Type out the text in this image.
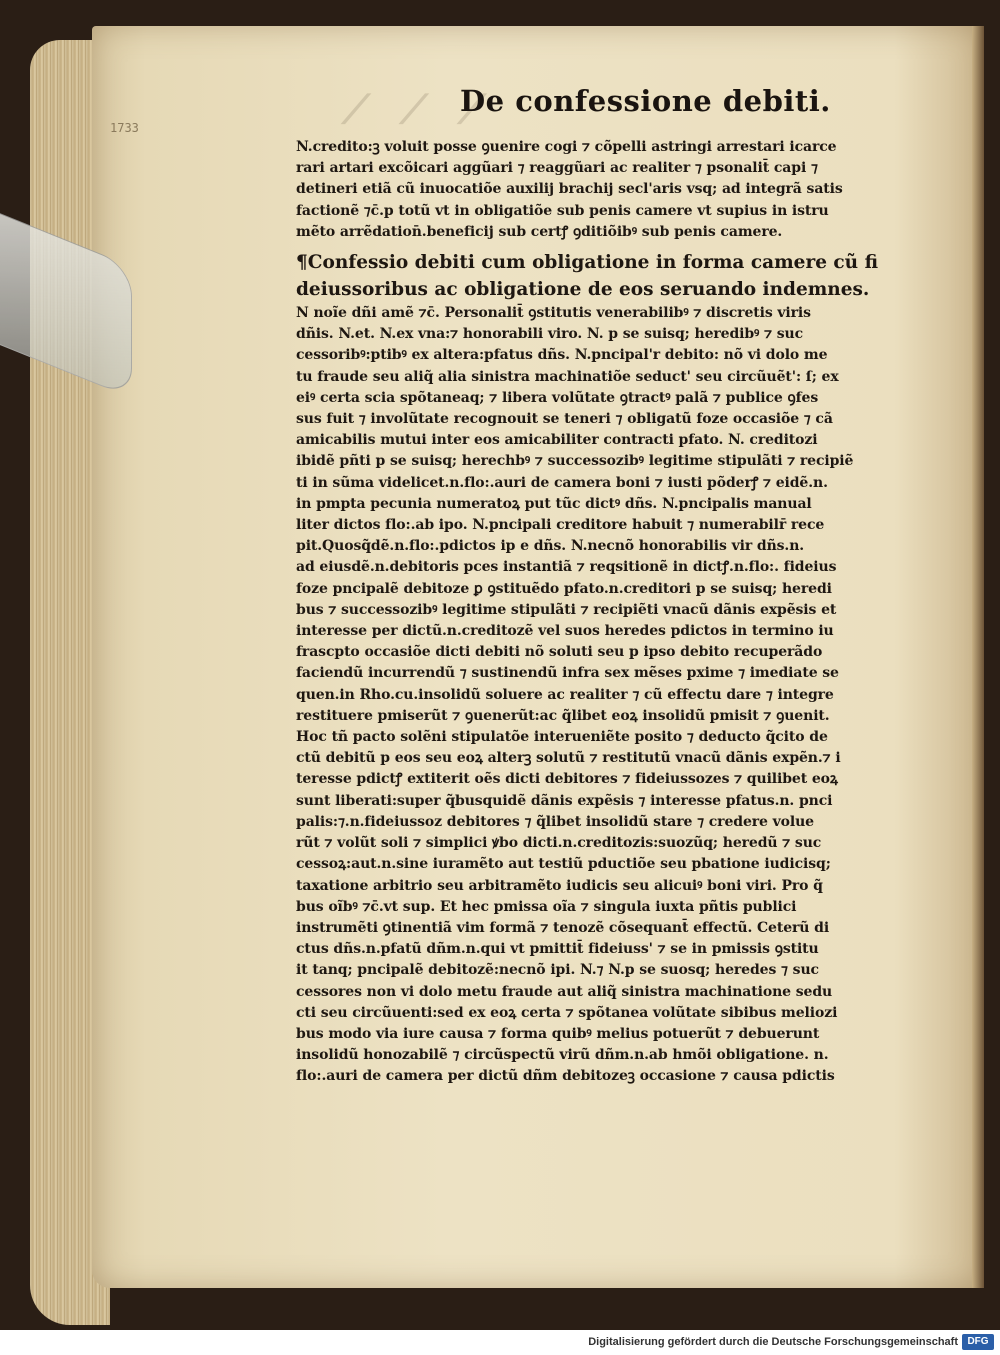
1733	⟋ ⟋ ⟋
De confessione debiti.
N.credito:ꝫ voluit posse ꝯuenire cogi ⁊ cõpelli astringi arrestari icarce
rari artari excõicari aggũari ⁊ reaggũari ac realiter ⁊ psonalit̄ capi ⁊
detineri etiã cũ inuocatiõe auxilij brachij secl'aris vsq; ad integrã satis
factionẽ ⁊c̄.p totũ vt in obligatiõe sub penis camere vt supius in istru
mẽto arrẽdation̄.beneficij sub certꝭ ꝯditiõibꝰ sub penis camere.
¶Confessio debiti cum obligatione in forma camere cũ fi
deiussoribus ac obligatione de eos seruando indemnes.
N noĩe dñi amẽ ⁊c̄. Personalit̄ ꝯstitutis venerabilibꝰ ⁊ discretis viris
dñis. N.et. N.ex vna:⁊ honorabili viro. N. p se suisq; heredibꝰ ⁊ suc
cessoribꝰ:ptibꝰ ex altera:pfatus dñs. N.pncipal'r debito: nõ vi dolo me
tu fraude seu aliq̃ alia sinistra machinatiõe seduct' seu circũuẽt': ſ; ex
eiꝰ certa scia spõtaneaq; ⁊ libera volũtate ꝯtractꝰ palã ⁊ publice ꝯfes
sus fuit ⁊ involũtate recognouit se teneri ⁊ obligatũ foze occasiõe ⁊ cã
amicabilis mutui inter eos amicabiliter contracti pfato. N. creditozi
ibidẽ pñti p se suisq; herechbꝰ ⁊ successozibꝰ legitime stipulãti ⁊ recipiẽ
ti in sũma videlicet.n.flo:.auri de camera boni ⁊ iusti põderꝭ ⁊ eidẽ.n.
in pmpta pecunia numeratoꝝ put tũc dictꝰ dñs. N.pncipalis manual
liter dictos flo:.ab ipo. N.pncipali creditore habuit ⁊ numerabilr̄ rece
pit.Quosq̃dẽ.n.flo:.pdictos ip e dñs. N.necnõ honorabilis vir dñs.n.
ad eiusdẽ.n.debitoris pces instantiã ⁊ reqsitionẽ in dictꝭ.n.flo:. fideius
foze pncipalẽ debitoze ꝑ ꝯstituẽdo pfato.n.creditori p se suisq; heredi
bus ⁊ successozibꝰ legitime stipulãti ⁊ recipiẽti vnacũ dãnis expẽsis et
interesse per dictũ.n.creditozẽ vel suos heredes pdictos in termino iu
frascpto occasiõe dicti debiti nõ soluti seu p ipso debito recuperãdo
faciendũ incurrendũ ⁊ sustinendũ infra sex mẽses pxime ⁊ imediate se
quen.in Rho.cu.insolidũ soluere ac realiter ⁊ cũ effectu dare ⁊ integre
restituere pmiserũt ⁊ ꝯuenerũt:ac q̃libet eoꝝ insolidũ pmisit ⁊ ꝯuenit.
Hoc tñ pacto solẽni stipulatõe interueniẽte posito ⁊ deducto q̃cito de
ctũ debitũ p eos seu eoꝝ alterꝫ solutũ ⁊ restitutũ vnacũ dãnis expẽn.⁊ i
teresse pdictꝭ extiterit oẽs dicti debitores ⁊ fideiussozes ⁊ quilibet eoꝝ
sunt liberati:super q̃busquidẽ dãnis expẽsis ⁊ interesse pfatus.n. pnci
palis:⁊.n.fideiussoz debitores ⁊ q̃libet insolidũ stare ⁊ credere volue
rũt ⁊ volũt soli ⁊ simplici ꝟbo dicti.n.creditozis:suozũq; heredũ ⁊ suc
cessoꝝ:aut.n.sine iuramẽto aut testiũ pductiõe seu pbatione iudicisq;
taxatione arbitrio seu arbitramẽto iudicis seu alicuiꝰ boni viri. Pro q̃
bus oĩbꝰ ⁊c̄.vt sup. Et hec pmissa oĩa ⁊ singula iuxta pñtis publici
instrumẽti ꝯtinentiã vim formã ⁊ tenozẽ cõsequant̄ effectũ. Ceterũ di
ctus dñs.n.pfatũ dñm.n.qui vt pmittit̄ fideiuss' ⁊ se in pmissis ꝯstitu
it tanq; pncipalẽ debitozẽ:necnõ ipi. N.⁊ N.p se suosq; heredes ⁊ suc
cessores non vi dolo metu fraude aut aliq̃ sinistra machinatione sedu
cti seu circũuenti:sed ex eoꝝ certa ⁊ spõtanea volũtate sibibus meliozi
bus modo via iure causa ⁊ forma quibꝰ melius potuerũt ⁊ debuerunt
insolidũ honozabilẽ ⁊ circũspectũ virũ dñm.n.ab hmõi obligatione. n.
flo:.auri de camera per dictũ dñm debitozeꝫ occasione ⁊ causa pdictis
Digitalisierung gefördert durch die Deutsche Forschungsgemeinschaft DFG
